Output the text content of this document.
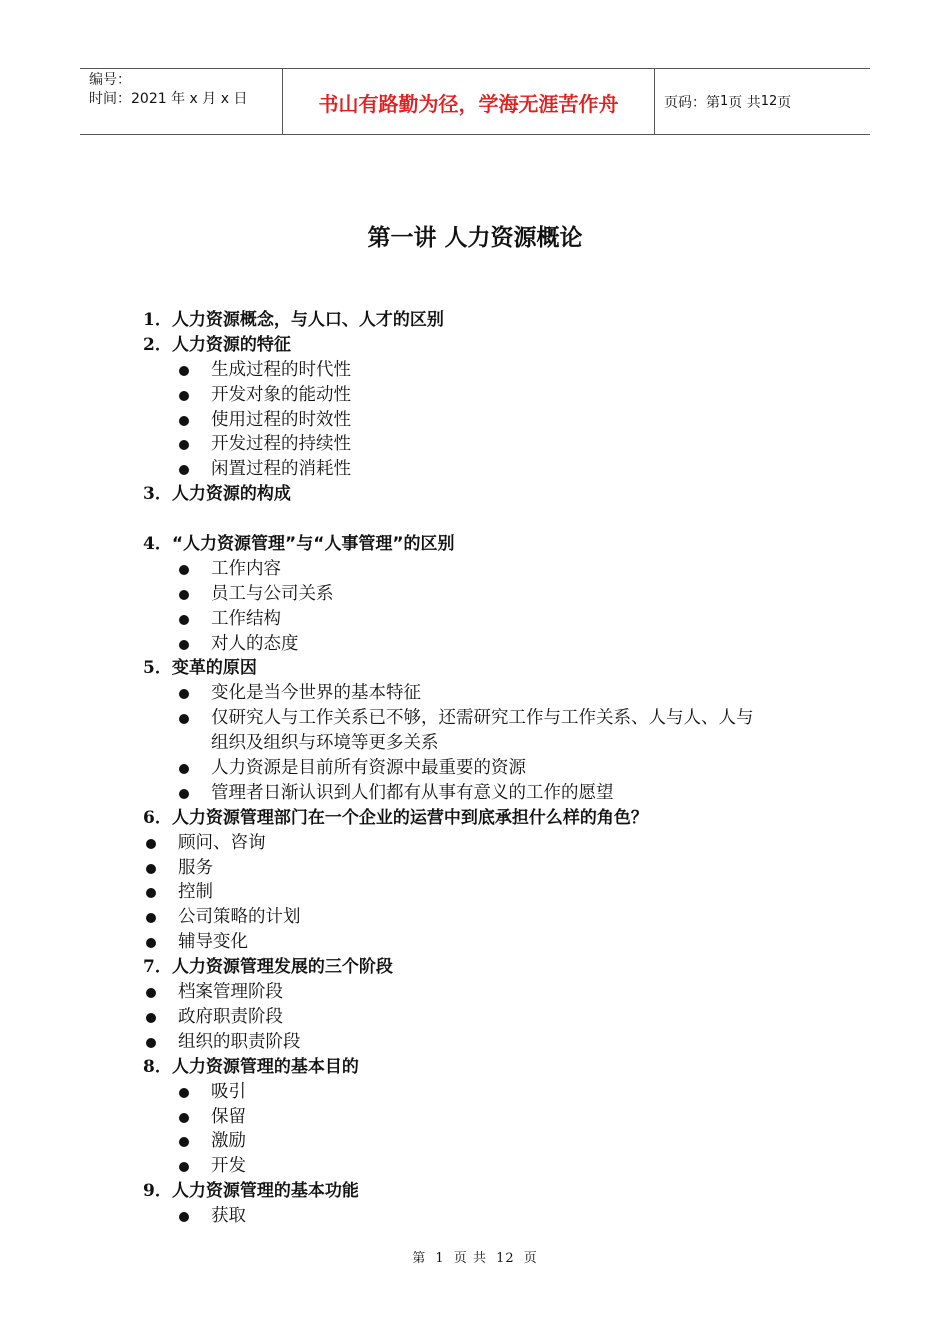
编号：
时间：2021 年 x 月 x 日	书山有路勤为径，学海无涯苦作舟	页码：第 1 页 共 12 页
第一讲 人力资源概论
1．人力资源概念，与人口、人才的区别
2．人力资源的特征
生成过程的时代性
开发对象的能动性
使用过程的时效性
开发过程的持续性
闲置过程的消耗性
3．人力资源的构成
4．“人力资源管理”与“人事管理”的区别
工作内容
员工与公司关系
工作结构
对人的态度
5．变革的原因
变化是当今世界的基本特征
仅研究人与工作关系已不够，还需研究工作与工作关系、人与人、人与
组织及组织与环境等更多关系
人力资源是目前所有资源中最重要的资源
管理者日渐认识到人们都有从事有意义的工作的愿望
6．人力资源管理部门在一个企业的运营中到底承担什么样的角色？
顾问、咨询
服务
控制
公司策略的计划
辅导变化
7．人力资源管理发展的三个阶段
档案管理阶段
政府职责阶段
组织的职责阶段
8．人力资源管理的基本目的
吸引
保留
激励
开发
9．人力资源管理的基本功能
获取
第 1 页 共 12 页
